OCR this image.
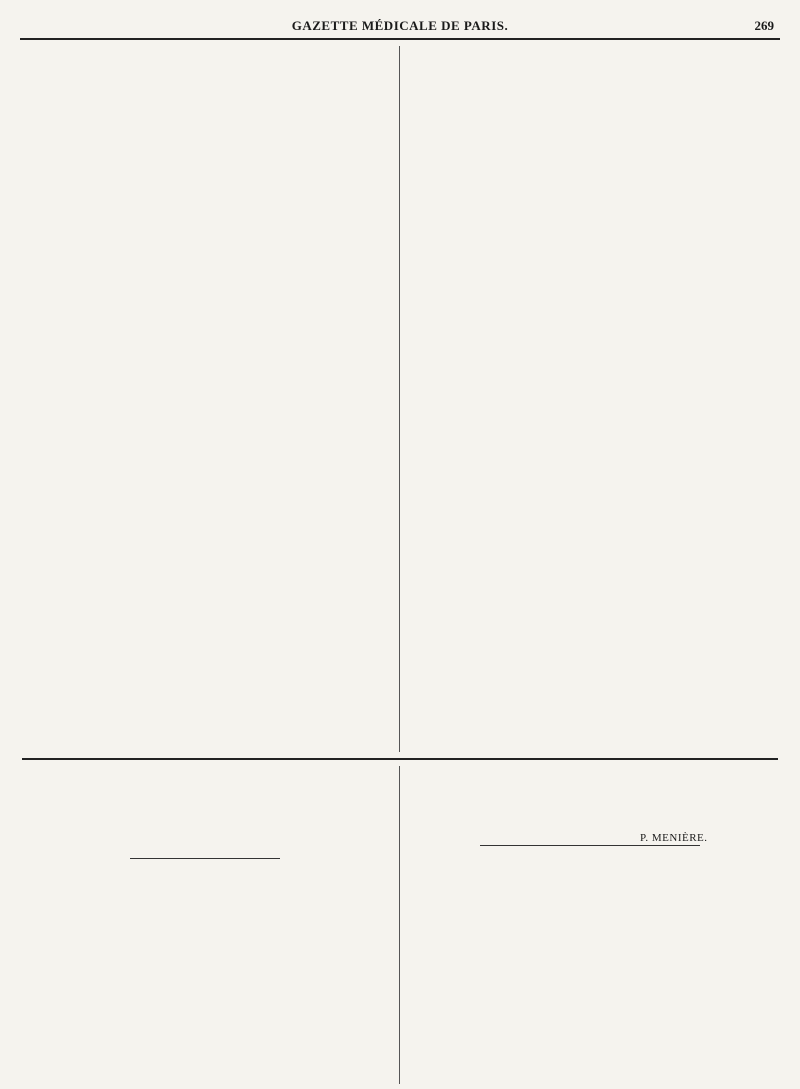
GAZETTE MÉDICALE DE PARIS.	269
P. MENIÈRE.
